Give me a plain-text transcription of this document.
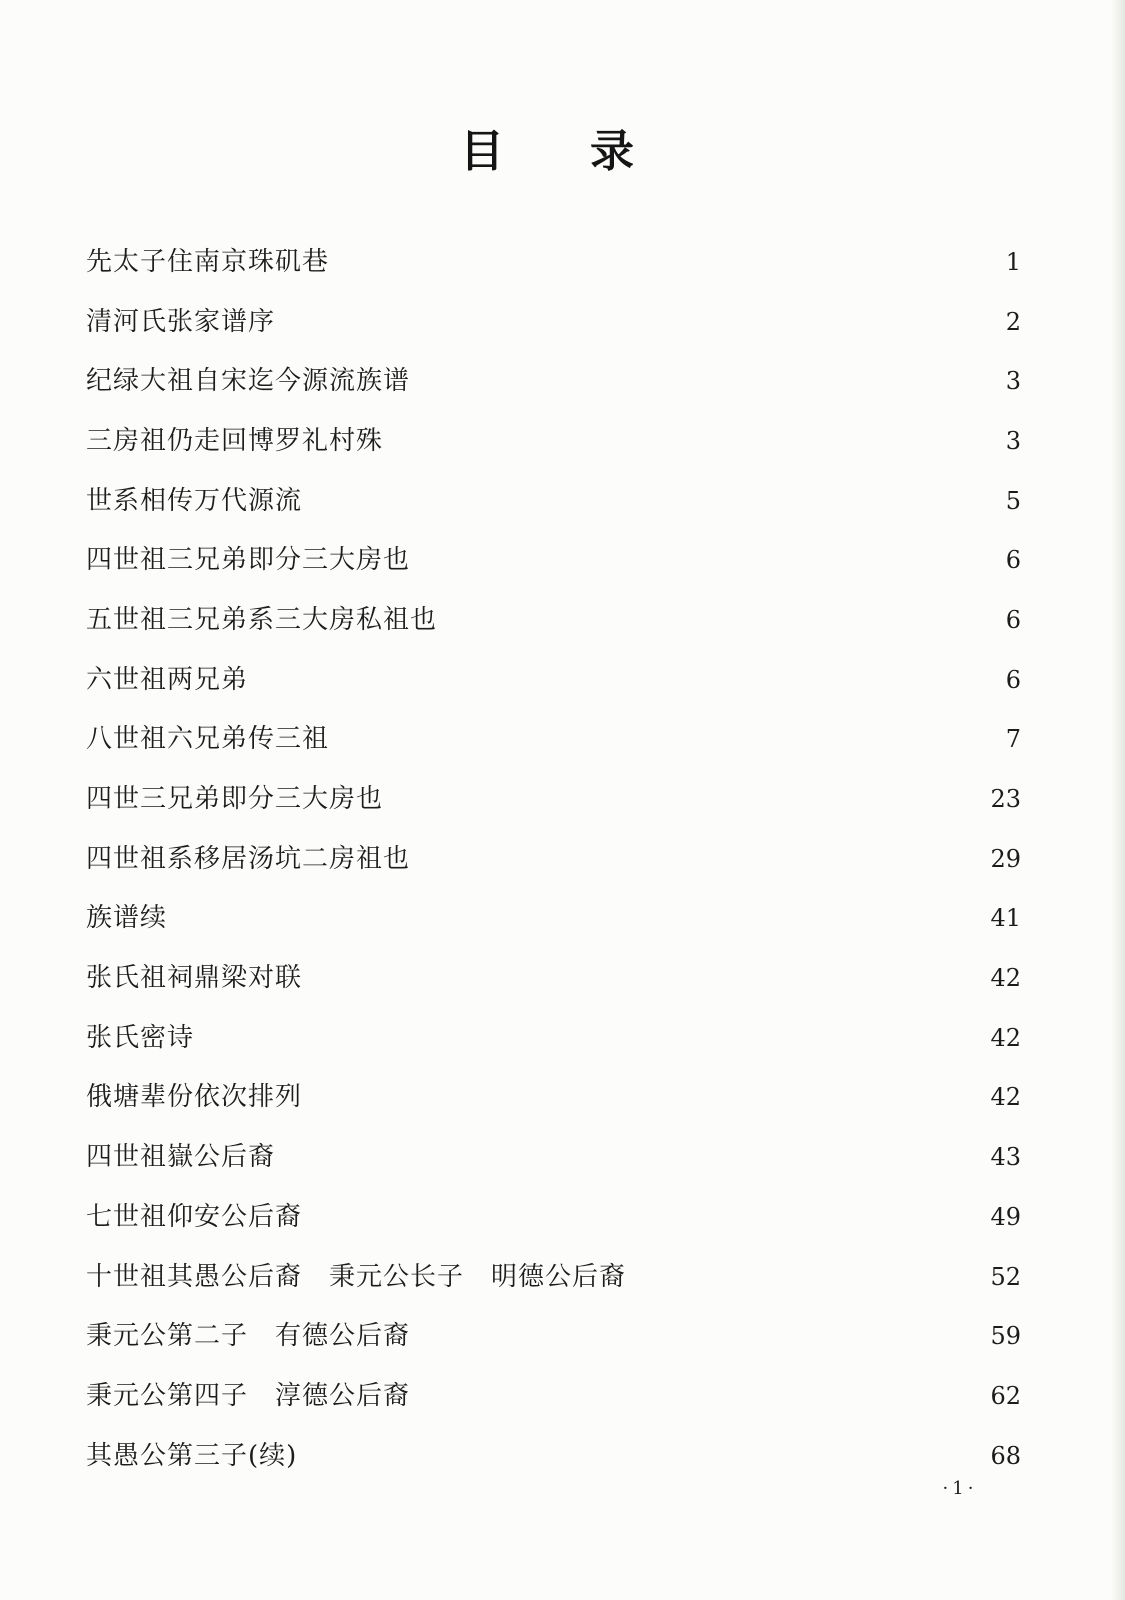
目 录
先太子住南京珠矶巷	1
清河氏张家谱序	2
纪绿大祖自宋迄今源流族谱	3
三房祖仍走回博罗礼村殊	3
世系相传万代源流	5
四世祖三兄弟即分三大房也	6
五世祖三兄弟系三大房私祖也	6
六世祖两兄弟	6
八世祖六兄弟传三祖	7
四世三兄弟即分三大房也	23
四世祖系移居汤坑二房祖也	29
族谱续	41
张氏祖祠鼎梁对联	42
张氏密诗	42
俄塘辈份依次排列	42
四世祖嶽公后裔	43
七世祖仰安公后裔	49
十世祖其愚公后裔　秉元公长子　明德公后裔	52
秉元公第二子　有德公后裔	59
秉元公第四子　淳德公后裔	62
其愚公第三子(续)	68
·1·
